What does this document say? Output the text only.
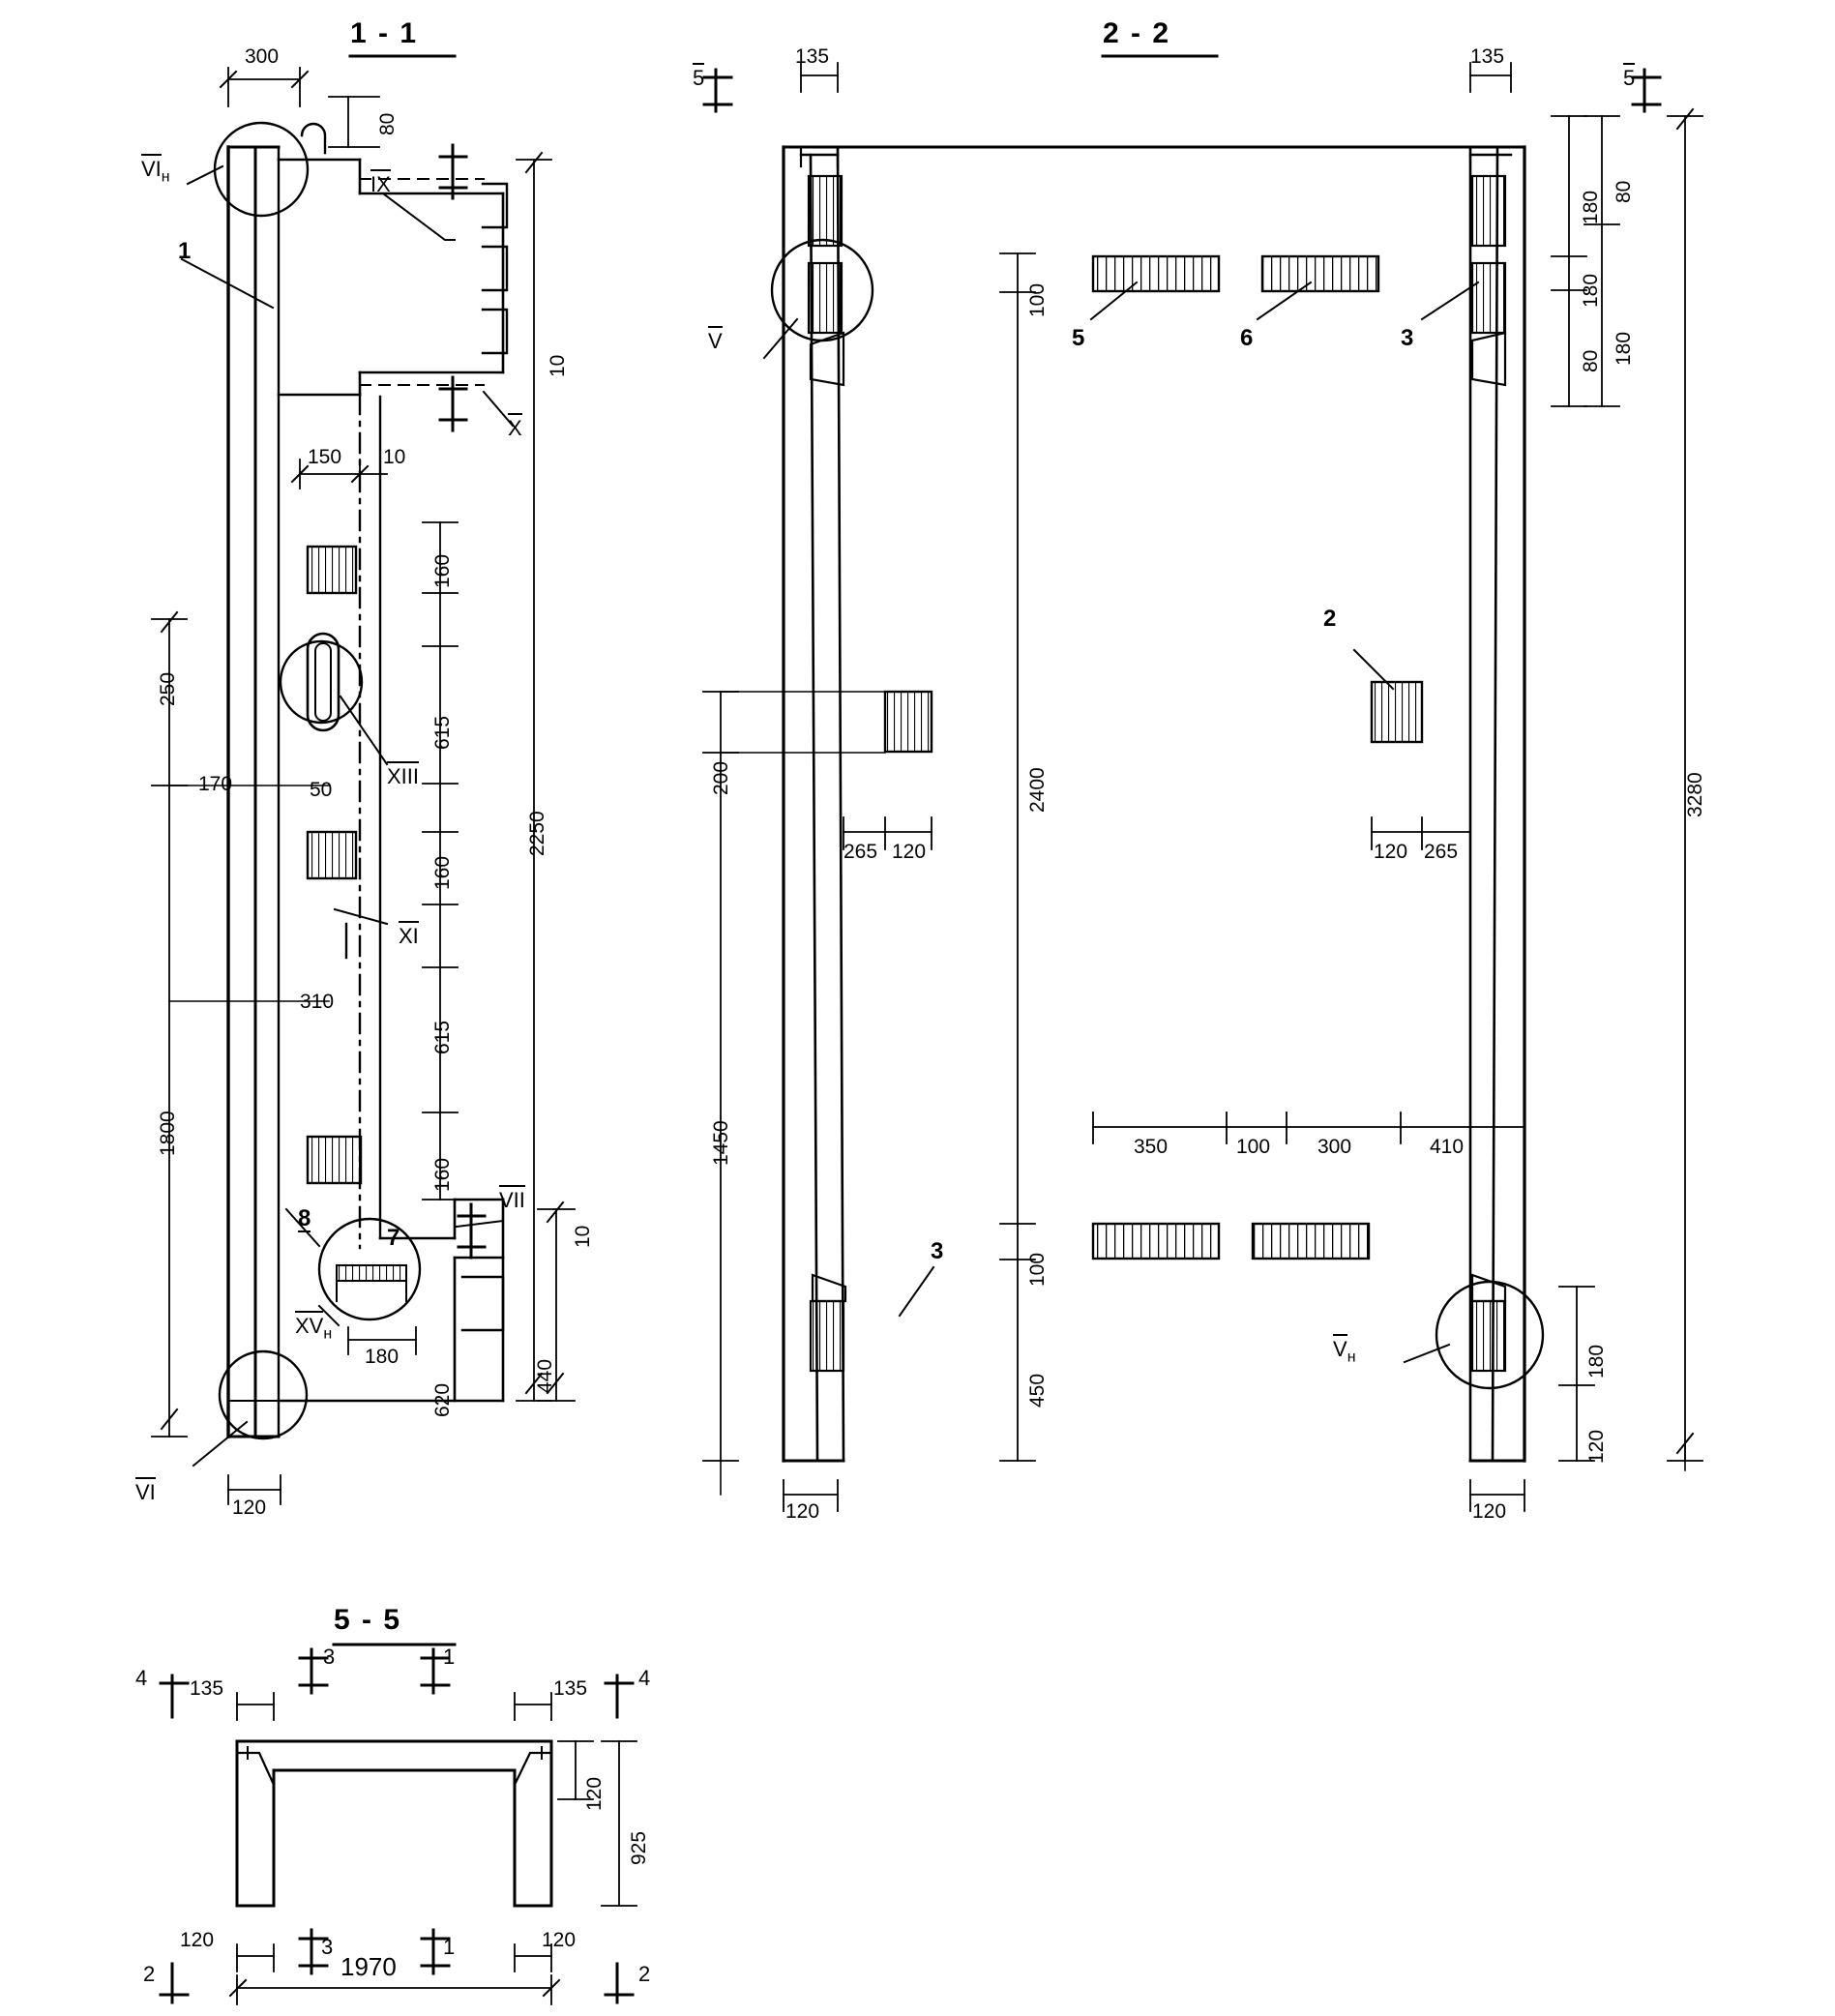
1 - 1	2 - 2
5 - 5
300
80
10
150 10
160
615
2250
250
170	50
160
310
615
1800
160
10
440
180
620
120
1
8
7
$VI_н$	IX
X
XIII
XI
VII
$XV_н$
VI
135	135
180 80
80
180
180
3280
100
200	2400
265 120	120 265
1450	350	100 300	410
100
450
180
120
120	120
5	6	3
2
3
5	5
V
$V_н$
135	135
120
925
120	120
1970
4	4
3	1
3	1
2	2
